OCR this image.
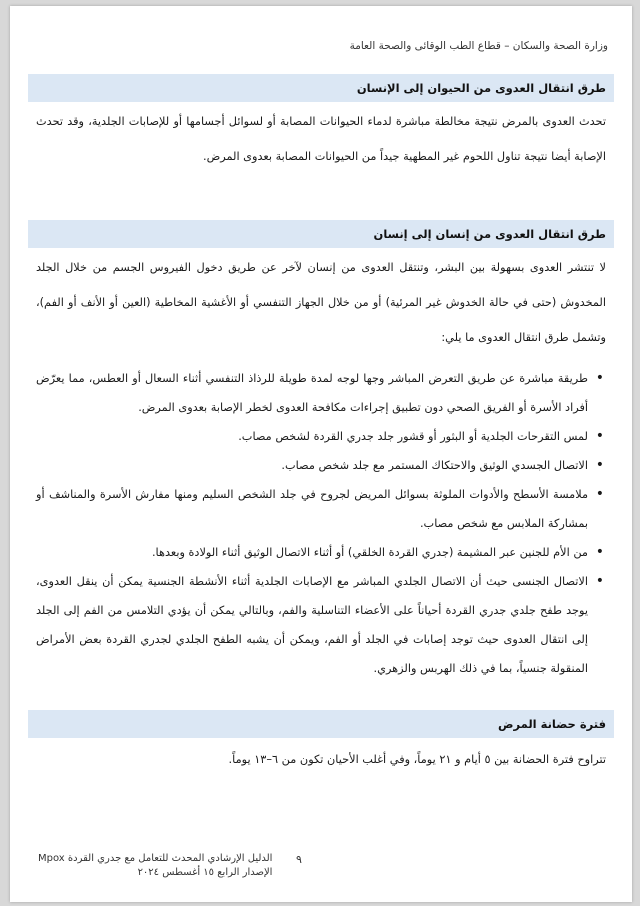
وزارة الصحة والسكان – قطاع الطب الوقائى والصحة العامة
طرق انتقال العدوى من الحيوان إلى الإنسان
تحدث العدوى بالمرض نتيجة مخالطة مباشرة لدماء الحيوانات المصابة أو لسوائل أجسامها أو للإصابات الجلدية، وقد تحدث الإصابة أيضا نتيجة تناول اللحوم غير المطهية جيداً من الحيوانات المصابة بعدوى المرض.
طرق انتقال العدوى من إنسان إلى إنسان
لا تنتشر العدوى بسهولة بين البشر، وتنتقل العدوى من إنسان لآخر عن طريق دخول الفيروس الجسم من خلال الجلد المخدوش (حتى في حالة الخدوش غير المرئية) أو من خلال الجهاز التنفسي أو الأغشية المخاطية (العين أو الأنف أو الفم)، وتشمل طرق انتقال العدوى ما يلي:
• طريقة مباشرة عن طريق التعرض المباشر وجها لوجه لمدة طويلة للرذاذ التنفسي أثناء السعال أو العطس، مما يعرّض أفراد الأسرة أو الفريق الصحي دون تطبيق إجراءات مكافحة العدوى لخطر الإصابة بعدوى المرض.
• لمس التقرحات الجلدية أو البثور أو قشور جلد جدري القردة لشخص مصاب.
• الاتصال الجسدي الوثيق والاحتكاك المستمر مع جلد شخص مصاب.
• ملامسة الأسطح والأدوات الملوثة بسوائل المريض لجروح في جلد الشخص السليم ومنها مفارش الأسرة والمناشف أو بمشاركة الملابس مع شخص مصاب.
• من الأم للجنين عبر المشيمة (جدري القردة الخلقي) أو أثناء الاتصال الوثيق أثناء الولادة وبعدها.
• الاتصال الجنسى حيث أن الاتصال الجلدي المباشر مع الإصابات الجلدية أثناء الأنشطة الجنسية يمكن أن ينقل العدوى، يوجد طفح جلدي جدري القردة أحياناً على الأعضاء التناسلية والفم، وبالتالي يمكن أن يؤدي التلامس من الفم إلى الجلد إلى انتقال العدوى حيث توجد إصابات في الجلد أو الفم، ويمكن أن يشبه الطفح الجلدي لجدري القردة بعض الأمراض المنقولة جنسياً، بما في ذلك الهربس والزهري.
فترة حضانة المرض
تتراوح فترة الحضانة بين ٥ أيام و ٢١ يوماً، وفي أغلب الأحيان تكون من ٦–١٣ يوماً.
٩
الدليل الإرشادي المحدث للتعامل مع جدري القردة Mpox
الإصدار الرابع ١٥ أغسطس ٢٠٢٤
